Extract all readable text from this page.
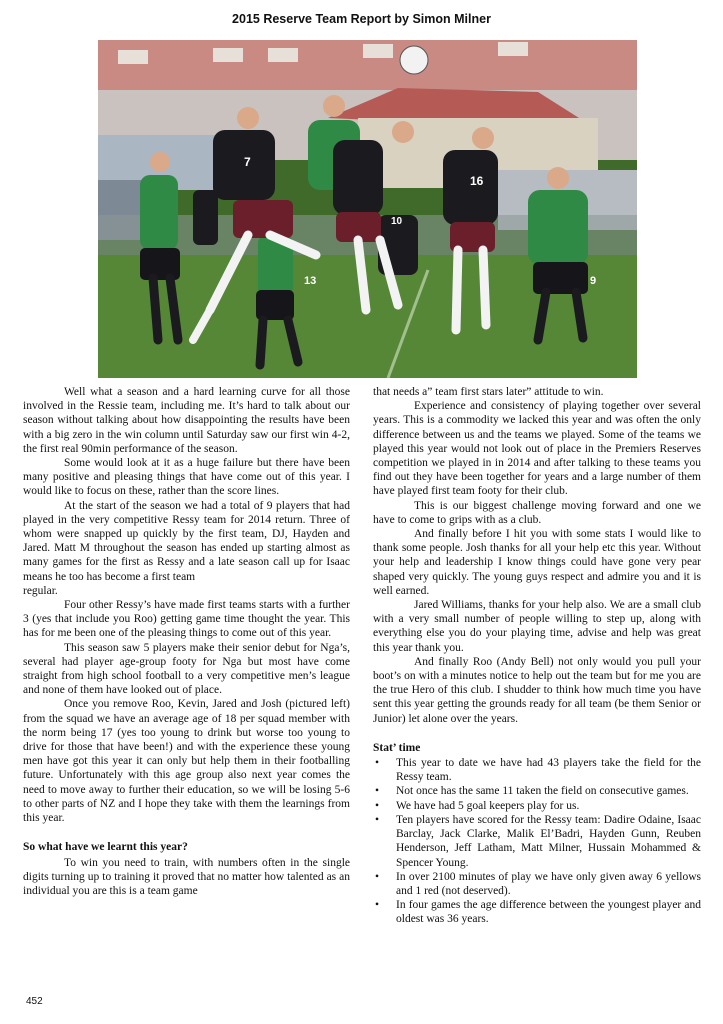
2015 Reserve Team Report by Simon Milner
7
16
13
10
9

Well what a season and a hard learning curve for all those involved in the Ressie team, including me. It’s hard to talk about our season without talking about how disappointing the results have been with a big zero in the win column until Saturday saw our first win 4-2, the first real 90min performance of the season.

Some would look at it as a huge failure but there have been many positive and pleasing things that have come out of this year. I would like to focus on these, rather than the score lines.

At the start of the season we had a total of 9 players that had played in the very competitive Ressy team for 2014 return. Three of whom were snapped up quickly by the first team, DJ, Hayden and Jared. Matt M throughout the season has ended up starting almost as many games for the first as Ressy and a late season call up for Isaac means he too has become a first team

regular.

Four other Ressy’s have made first teams starts with a further 3 (yes that include you Roo) getting game time thought the year. This has for me been one of the pleasing things to come out of this year.

This season saw 5 players make their senior debut for Nga’s, several had player age-group footy for Nga but most have come straight from high school football to a very competitive men’s league and none of them have looked out of place.

Once you remove Roo, Kevin, Jared and Josh (pictured left) from the squad we have an average age of 18 per squad member with the norm being 17 (yes too young to drink but worse too young to drive for those that have been!) and with the experience these young men have got this year it can only but help them in their footballing future. Unfortunately with this age group also next year comes the need to move away to further their education, so we will be losing 5-6 to other parts of NZ and I hope they take with them the learnings from this year.

So what have we learnt this year?

To win you need to train, with numbers often in the single digits turning up to training it proved that no matter how talented as an individual you are this is a team game

that needs a” team first stars later” attitude to win.

Experience and consistency of playing together over several years. This is a commodity we lacked this year and was often the only difference between us and the teams we played. Some of the teams we played this year would not look out of place in the Premiers Reserves competition we played in in 2014 and after talking to these teams you find out they have been together for years and a large number of them have played first team footy for their club.

This is our biggest challenge moving forward and one we have to come to grips with as a club.

And finally before I hit you with some stats I would like to thank some people. Josh thanks for all your help etc this year. Without your help and leadership I know things could have gone very pear shaped very quickly. The young guys respect and admire you and it is well earned.

Jared Williams, thanks for your help also. We are a small club with a very small number of people willing to step up, along with everything else you do your playing time, advise and help was great this year thank you.

And finally Roo (Andy Bell) not only would you pull your boot’s on with a minutes notice to help out the team but for me you are the true Hero of this club. I shudder to think how much time you have sent this year getting the grounds ready for all team (be them Senior or Junior) let alone over the years.

Stat’ time
• This year to date we have had 43 players take the field for the Ressy team.
• Not once has the same 11 taken the field on consecutive games.
• We have had 5 goal keepers play for us.
• Ten players have scored for the Ressy team: Dadire Odaine, Isaac Barclay, Jack Clarke, Malik El’Badri, Hayden Gunn, Reuben Henderson, Jeff Latham, Matt Milner, Hussain Mohammed & Spencer Young.
• In over 2100 minutes of play we have only given away 6 yellows and 1 red (not deserved).
• In four games the age difference between the youngest player and oldest was 36 years.
452
